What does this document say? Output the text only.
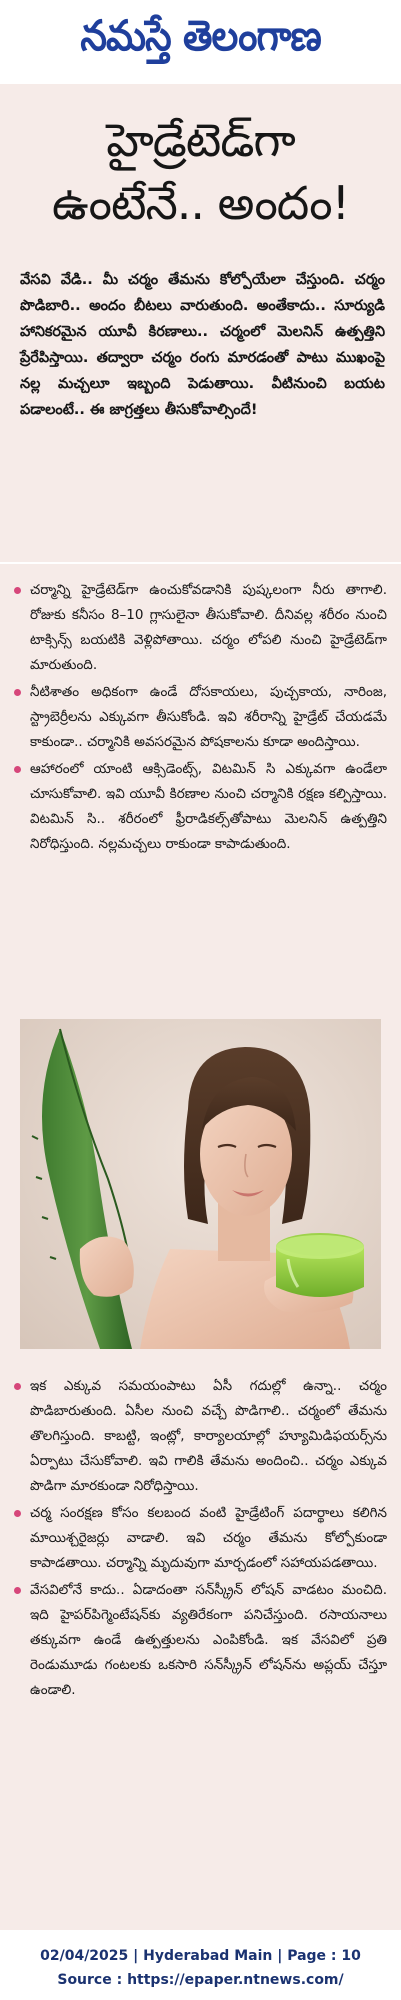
నమస్తే తెలంగాణ
హైడ్రేటెడ్‌గా
ఉంటేనే.. అందం!
వేసవి వేడి.. మీ చర్మం తేమను కోల్పోయేలా చేస్తుంది. చర్మం పొడిబారి.. అందం బీటలు వారుతుంది. అంతేకాదు.. సూర్యుడి హానికరమైన యూవీ కిరణాలు.. చర్మంలో మెలనిన్ ఉత్పత్తిని ప్రేరేపిస్తాయి. తద్వారా చర్మం రంగు మారడంతో పాటు ముఖంపై నల్ల మచ్చలూ ఇబ్బంది పెడుతాయి. వీటినుంచి బయట పడాలంటే.. ఈ జాగ్రత్తలు తీసుకోవాల్సిందే!
చర్మాన్ని హైడ్రేటెడ్‌గా ఉంచుకోవడానికి పుష్కలంగా నీరు తాగాలి. రోజుకు కనీసం 8–10 గ్లాసులైనా తీసుకోవాలి. దీనివల్ల శరీరం నుంచి టాక్సిన్స్ బయటికి వెళ్లిపోతాయి. చర్మం లోపలి నుంచి హైడ్రేటెడ్‌గా మారుతుంది.
నీటిశాతం అధికంగా ఉండే దోసకాయలు, పుచ్చకాయ, నారింజ, స్ట్రాబెర్రీలను ఎక్కువగా తీసుకోండి. ఇవి శరీరాన్ని హైడ్రేట్ చేయడమే కాకుండా.. చర్మానికి అవసరమైన పోషకాలను కూడా అందిస్తాయి.
ఆహారంలో యాంటి ఆక్సిడెంట్స్, విటమిన్ సి ఎక్కువగా ఉండేలా చూసుకోవాలి. ఇవి యూవీ కిరణాల నుంచి చర్మానికి రక్షణ కల్పిస్తాయి. విటమిన్ సి.. శరీరంలో ఫ్రీరాడికల్స్‌తోపాటు మెలనిన్ ఉత్పత్తిని నిరోధిస్తుంది. నల్లమచ్చలు రాకుండా కాపాడుతుంది.
ఇక ఎక్కువ సమయంపాటు ఏసీ గదుల్లో ఉన్నా.. చర్మం పొడిబారుతుంది. ఏసీల నుంచి వచ్చే పొడిగాలి.. చర్మంలో తేమను తొలగిస్తుంది. కాబట్టి, ఇంట్లో, కార్యాలయాల్లో హ్యూమిడిఫయర్స్‌ను ఏర్పాటు చేసుకోవాలి. ఇవి గాలికి తేమను అందించి.. చర్మం ఎక్కువ పొడిగా మారకుండా నిరోధిస్తాయి.
చర్మ సంరక్షణ కోసం కలబంద వంటి హైడ్రేటింగ్ పదార్థాలు కలిగిన మాయిశ్చరైజర్లు వాడాలి. ఇవి చర్మం తేమను కోల్పోకుండా కాపాడతాయి. చర్మాన్ని మృదువుగా మార్చడంలో సహాయపడతాయి.
వేసవిలోనే కాదు.. ఏడాదంతా సన్‌స్క్రీన్ లోషన్ వాడటం మంచిది. ఇది హైపర్‌పిగ్మెంటేషన్‌కు వ్యతిరేకంగా పనిచేస్తుంది. రసాయనాలు తక్కువగా ఉండే ఉత్పత్తులను ఎంపికోండి. ఇక వేసవిలో ప్రతి రెండుమూడు గంటలకు ఒకసారి సన్‌స్క్రీన్ లోషన్‌ను అప్లయ్ చేస్తూ ఉండాలి.
02/04/2025 | Hyderabad Main | Page : 10
Source : https://epaper.ntnews.com/
